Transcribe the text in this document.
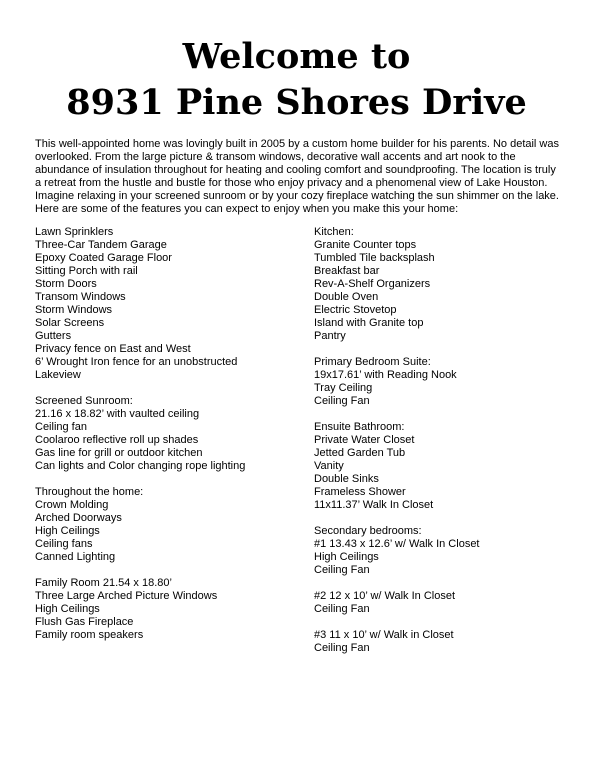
Welcome to
8931 Pine Shores Drive
This well-appointed home was lovingly built in 2005 by a custom home builder for his parents. No detail was overlooked. From the large picture & transom windows, decorative wall accents and art nook to the abundance of insulation throughout for heating and cooling comfort and soundproofing. The location is truly a retreat from the hustle and bustle for those who enjoy privacy and a phenomenal view of Lake Houston. Imagine relaxing in your screened sunroom or by your cozy fireplace watching the sun shimmer on the lake. Here are some of the features you can expect to enjoy when you make this your home:
Lawn Sprinklers
Three-Car Tandem Garage
Epoxy Coated Garage Floor
Sitting Porch with rail
Storm Doors
Transom Windows
Storm Windows
Solar Screens
Gutters
Privacy fence on East and West
6’ Wrought Iron fence for an unobstructed
Lakeview
Screened Sunroom:
21.16 x 18.82’ with vaulted ceiling
Ceiling fan
Coolaroo reflective roll up shades
Gas line for grill or outdoor kitchen
Can lights and Color changing rope lighting
Throughout the home:
Crown Molding
Arched Doorways
High Ceilings
Ceiling fans
Canned Lighting
Family Room 21.54 x 18.80’
Three Large Arched Picture Windows
High Ceilings
Flush Gas Fireplace
Family room speakers
Kitchen:
Granite Counter tops
Tumbled Tile backsplash
Breakfast bar
Rev-A-Shelf Organizers
Double Oven
Electric Stovetop
Island with Granite top
Pantry
Primary Bedroom Suite:
19x17.61’ with Reading Nook
Tray Ceiling
Ceiling Fan
Ensuite Bathroom:
Private Water Closet
Jetted Garden Tub
Vanity
Double Sinks
Frameless Shower
11x11.37’ Walk In Closet
Secondary bedrooms:
#1 13.43 x 12.6’ w/ Walk In Closet
High Ceilings
Ceiling Fan
#2 12 x 10’ w/ Walk In Closet
Ceiling Fan
#3 11 x 10’ w/ Walk in Closet
Ceiling Fan
